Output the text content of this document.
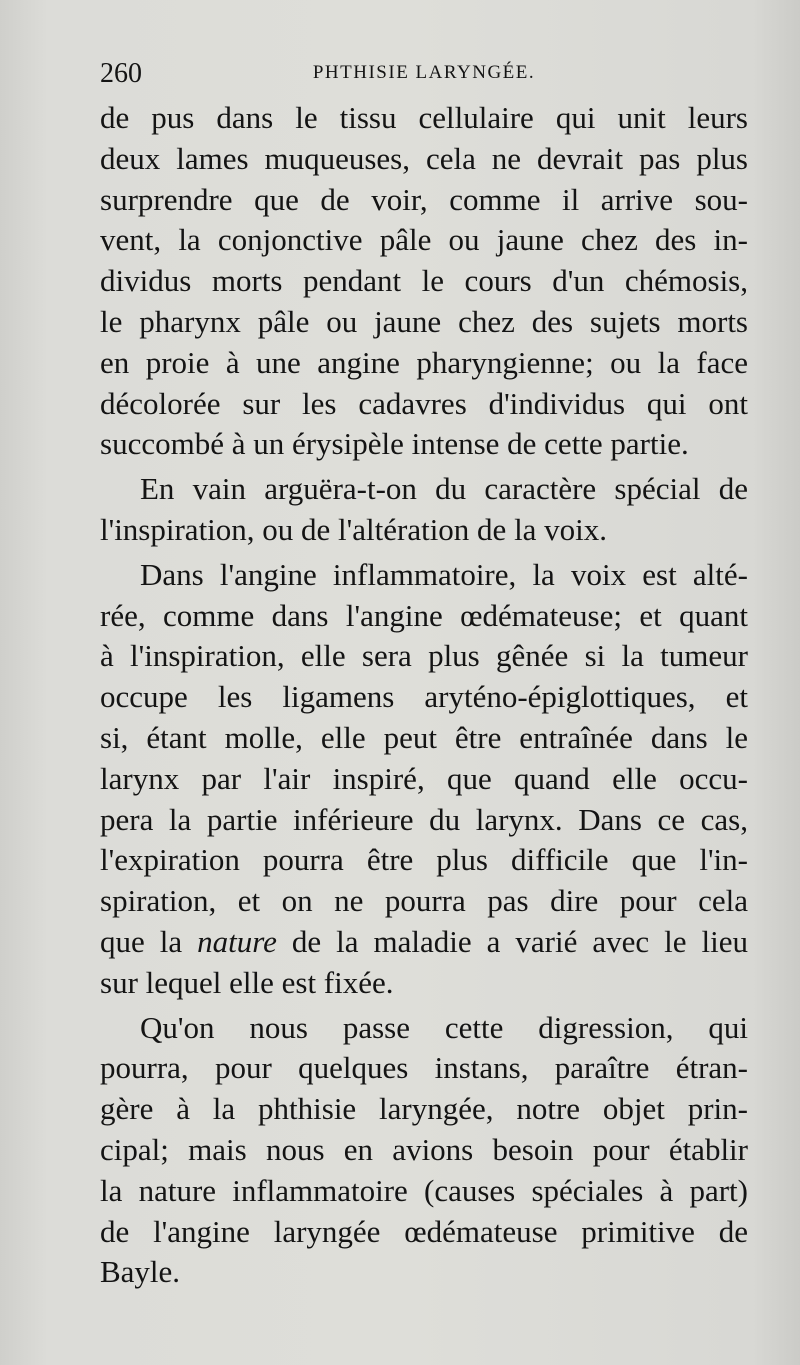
260	PHTHISIE LARYNGÉE.

de pus dans le tissu cellulaire qui unit leurs
deux lames muqueuses, cela ne devrait pas plus
surprendre que de voir, comme il arrive sou-
vent, la conjonctive pâle ou jaune chez des in-
dividus morts pendant le cours d'un chémosis,
le pharynx pâle ou jaune chez des sujets morts
en proie à une angine pharyngienne; ou la face
décolorée sur les cadavres d'individus qui ont
succombé à un érysipèle intense de cette partie.

En vain arguëra-t-on du caractère spécial de
l'inspiration, ou de l'altération de la voix.

Dans l'angine inflammatoire, la voix est alté-
rée, comme dans l'angine œdémateuse; et quant
à l'inspiration, elle sera plus gênée si la tumeur
occupe les ligamens aryténo-épiglottiques, et
si, étant molle, elle peut être entraînée dans le
larynx par l'air inspiré, que quand elle occu-
pera la partie inférieure du larynx. Dans ce cas,
l'expiration pourra être plus difficile que l'in-
spiration, et on ne pourra pas dire pour cela
que la nature de la maladie a varié avec le lieu
sur lequel elle est fixée.

Qu'on nous passe cette digression, qui
pourra, pour quelques instans, paraître étran-
gère à la phthisie laryngée, notre objet prin-
cipal; mais nous en avions besoin pour établir
la nature inflammatoire (causes spéciales à part)
de l'angine laryngée œdémateuse primitive de
Bayle.
